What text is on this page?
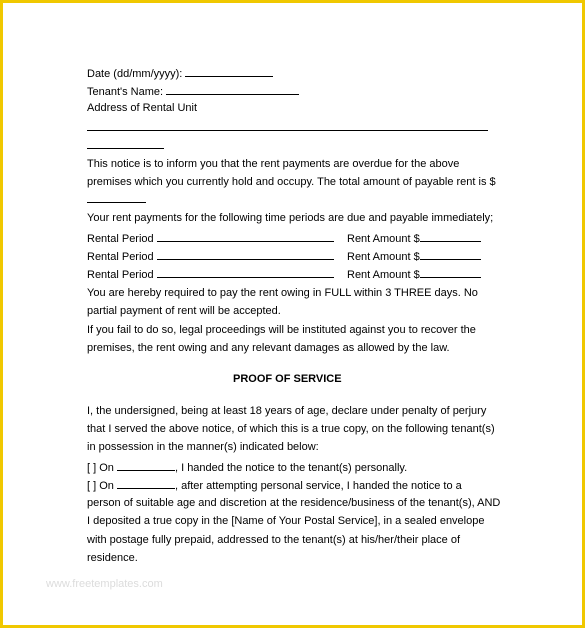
Date (dd/mm/yyyy):
Tenant's Name:
Address of Rental Unit
This notice is to inform you that the rent payments are overdue for the above
premises which you currently hold and occupy. The total amount of payable rent is $
Your rent payments for the following time periods are due and payable immediately;
Rental Period	Rent Amount $
Rental Period	Rent Amount $
Rental Period	Rent Amount $
You are hereby required to pay the rent owing in FULL within 3 THREE days. No
partial payment of rent will be accepted.
If you fail to do so, legal proceedings will be instituted against you to recover the
premises, the rent owing and any relevant damages as allowed by the law.
PROOF OF SERVICE
I, the undersigned, being at least 18 years of age, declare under penalty of perjury
that I served the above notice, of which this is a true copy, on the following tenant(s)
in possession in the manner(s) indicated below:
[ ] On	, I handed the notice to the tenant(s) personally.
[ ] On	, after attempting personal service, I handed the notice to a
person of suitable age and discretion at the residence/business of the tenant(s), AND
I deposited a true copy in the [Name of Your Postal Service], in a sealed envelope
with postage fully prepaid, addressed to the tenant(s) at his/her/their place of
residence.
www.freetemplates.com
